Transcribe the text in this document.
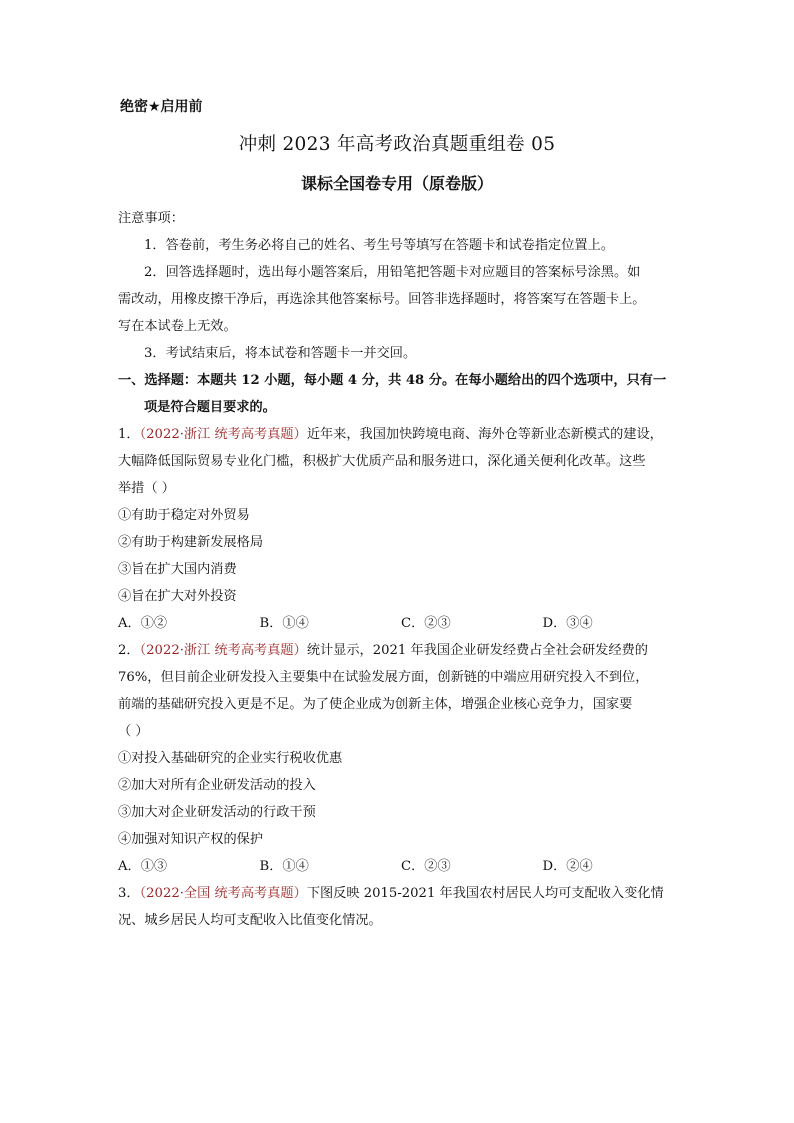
绝密★启用前
冲刺 2023 年高考政治真题重组卷 05
课标全国卷专用（原卷版）
注意事项：
1．答卷前，考生务必将自己的姓名、考生号等填写在答题卡和试卷指定位置上。
2．回答选择题时，选出每小题答案后，用铅笔把答题卡对应题目的答案标号涂黑。如
需改动，用橡皮擦干净后，再选涂其他答案标号。回答非选择题时，将答案写在答题卡上。
写在本试卷上无效。
3．考试结束后，将本试卷和答题卡一并交回。
一、选择题：本题共 12 小题，每小题 4 分，共 48 分。在每小题给出的四个选项中，只有一
项是符合题目要求的。
1．（2022·浙江 统考高考真题）近年来，我国加快跨境电商、海外仓等新业态新模式的建设，
大幅降低国际贸易专业化门槛，积极扩大优质产品和服务进口，深化通关便利化改革。这些
举措（ ）
①有助于稳定对外贸易
②有助于构建新发展格局
③旨在扩大国内消费
④旨在扩大对外投资
A．①②	B．①④	C．②③	D．③④
2．（2022·浙江 统考高考真题）统计显示，2021 年我国企业研发经费占全社会研发经费的
76%，但目前企业研发投入主要集中在试验发展方面，创新链的中端应用研究投入不到位，
前端的基础研究投入更是不足。为了使企业成为创新主体，增强企业核心竞争力，国家要
（ ）
①对投入基础研究的企业实行税收优惠
②加大对所有企业研发活动的投入
③加大对企业研发活动的行政干预
④加强对知识产权的保护
A．①③	B．①④	C．②③	D．②④
3．（2022·全国 统考高考真题）下图反映 2015-2021 年我国农村居民人均可支配收入变化情
况、城乡居民人均可支配收入比值变化情况。
